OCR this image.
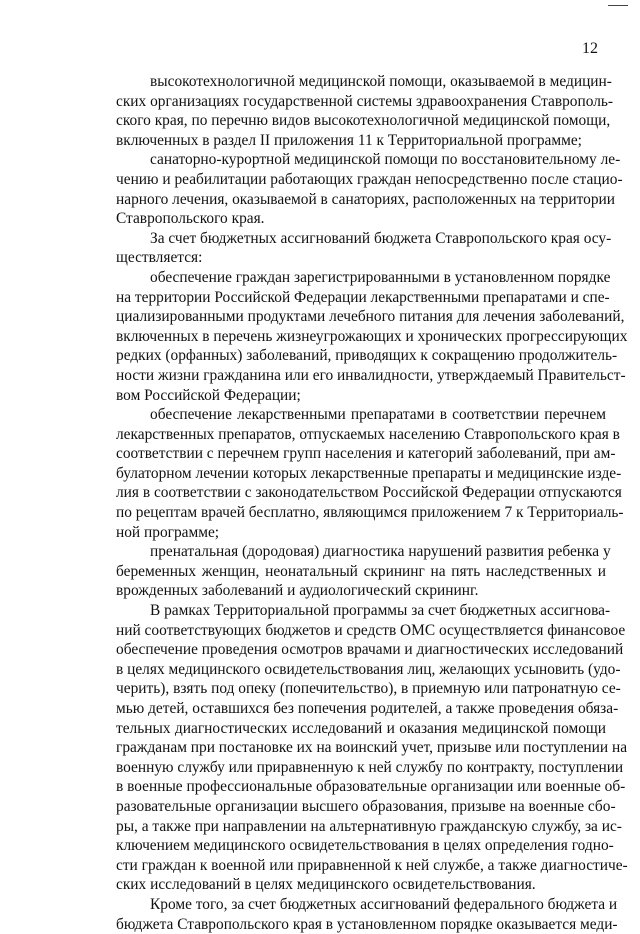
12
высокотехнологичной медицинской помощи, оказываемой в медицин-
ских организациях государственной системы здравоохранения Ставрополь-
ского края, по перечню видов высокотехнологичной медицинской помощи,
включенных в раздел II приложения 11 к Территориальной программе;
санаторно-курортной медицинской помощи по восстановительному ле-
чению и реабилитации работающих граждан непосредственно после стацио-
нарного лечения, оказываемой в санаториях, расположенных на территории
Ставропольского края.
За счет бюджетных ассигнований бюджета Ставропольского края осу-
ществляется:
обеспечение граждан зарегистрированными в установленном порядке
на территории Российской Федерации лекарственными препаратами и спе-
циализированными продуктами лечебного питания для лечения заболеваний,
включенных в перечень жизнеугрожающих и хронических прогрессирующих
редких (орфанных) заболеваний, приводящих к сокращению продолжитель-
ности жизни гражданина или его инвалидности, утверждаемый Правительст-
вом Российской Федерации;
обеспечение лекарственными препаратами в соответствии перечнем
лекарственных препаратов, отпускаемых населению Ставропольского края в
соответствии с перечнем групп населения и категорий заболеваний, при ам-
булаторном лечении которых лекарственные препараты и медицинские изде-
лия в соответствии с законодательством Российской Федерации отпускаются
по рецептам врачей бесплатно, являющимся приложением 7 к Территориаль-
ной программе;
пренатальная (дородовая) диагностика нарушений развития ребенка у
беременных женщин, неонатальный скрининг на пять наследственных и
врожденных заболеваний и аудиологический скрининг.
В рамках Территориальной программы за счет бюджетных ассигнова-
ний соответствующих бюджетов и средств ОМС осуществляется финансовое
обеспечение проведения осмотров врачами и диагностических исследований
в целях медицинского освидетельствования лиц, желающих усыновить (удо-
черить), взять под опеку (попечительство), в приемную или патронатную се-
мью детей, оставшихся без попечения родителей, а также проведения обяза-
тельных диагностических исследований и оказания медицинской помощи
гражданам при постановке их на воинский учет, призыве или поступлении на
военную службу или приравненную к ней службу по контракту, поступлении
в военные профессиональные образовательные организации или военные об-
разовательные организации высшего образования, призыве на военные сбо-
ры, а также при направлении на альтернативную гражданскую службу, за ис-
ключением медицинского освидетельствования в целях определения годно-
сти граждан к военной или приравненной к ней службе, а также диагностиче-
ских исследований в целях медицинского освидетельствования.
Кроме того, за счет бюджетных ассигнований федерального бюджета и
бюджета Ставропольского края в установленном порядке оказывается меди-
